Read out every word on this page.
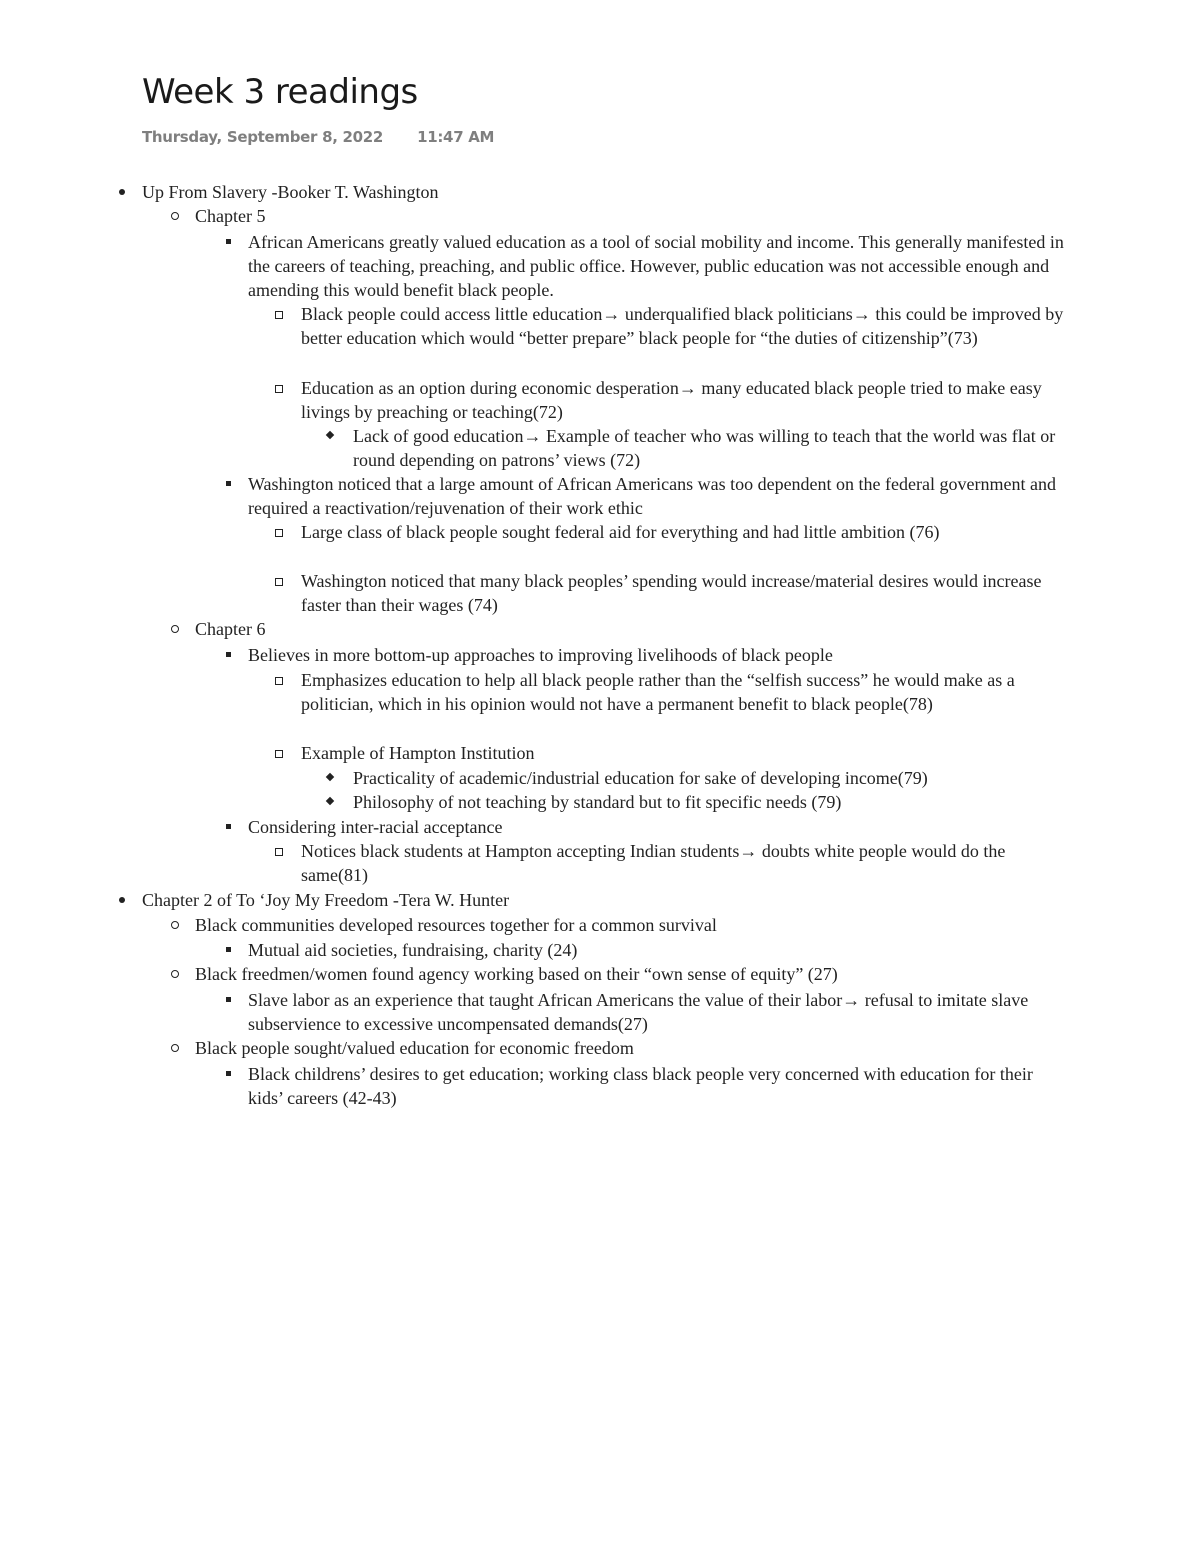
Week 3 readings
Thursday, September 8, 2022 11:47 AM
Up From Slavery -Booker T. Washington
Chapter 5
African Americans greatly valued education as a tool of social mobility and income. This generally manifested in the careers of teaching, preaching, and public office. However, public education was not accessible enough and amending this would benefit black people.
Black people could access little education→ underqualified black politicians→ this could be improved by better education which would “better prepare” black people for “the duties of citizenship”(73)
Education as an option during economic desperation→ many educated black people tried to make easy livings by preaching or teaching(72)
Lack of good education→ Example of teacher who was willing to teach that the world was flat or round depending on patrons’ views (72)
Washington noticed that a large amount of African Americans was too dependent on the federal government and required a reactivation/rejuvenation of their work ethic
Large class of black people sought federal aid for everything and had little ambition (76)
Washington noticed that many black peoples’ spending would increase/material desires would increase faster than their wages (74)
Chapter 6
Believes in more bottom-up approaches to improving livelihoods of black people
Emphasizes education to help all black people rather than the “selfish success” he would make as a politician, which in his opinion would not have a permanent benefit to black people(78)
Example of Hampton Institution
Practicality of academic/industrial education for sake of developing income(79)
Philosophy of not teaching by standard but to fit specific needs (79)
Considering inter-racial acceptance
Notices black students at Hampton accepting Indian students→ doubts white people would do the same(81)
Chapter 2 of To ‘Joy My Freedom -Tera W. Hunter
Black communities developed resources together for a common survival
Mutual aid societies, fundraising, charity (24)
Black freedmen/women found agency working based on their “own sense of equity” (27)
Slave labor as an experience that taught African Americans the value of their labor→ refusal to imitate slave subservience to excessive uncompensated demands(27)
Black people sought/valued education for economic freedom
Black childrens’ desires to get education; working class black people very concerned with education for their kids’ careers (42-43)
